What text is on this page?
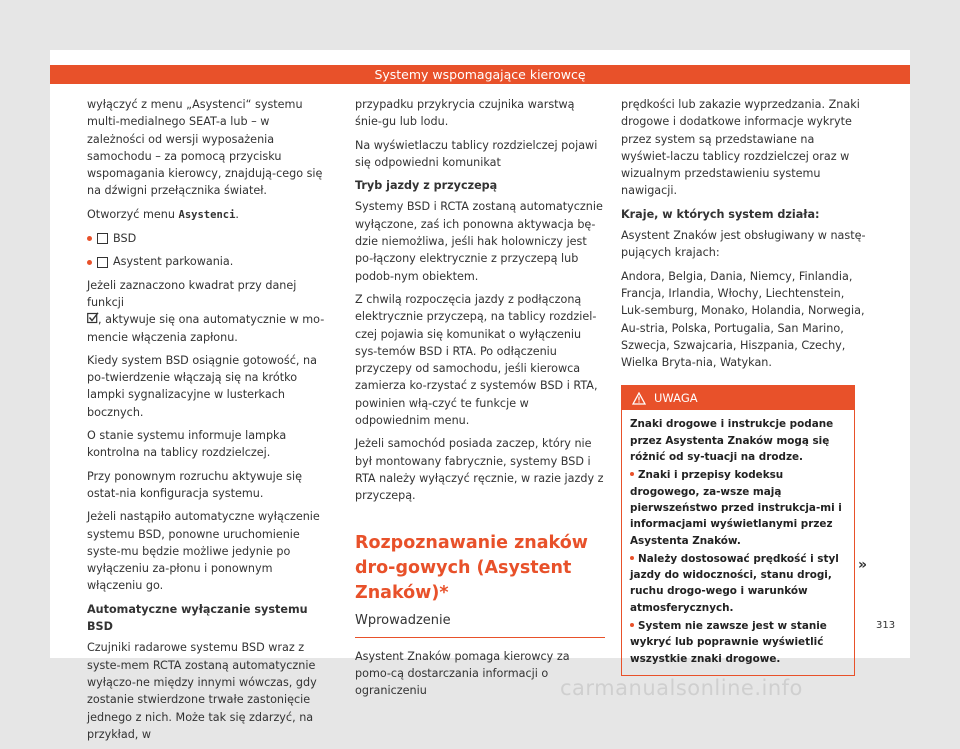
Systemy wspomagające kierowcę

wyłączyć z menu „Asystenci“ systemu multi-medialnego SEAT-a lub – w zależności od wersji wyposażenia samochodu – za pomocą przycisku wspomagania kierowcy, znajdują-cego się na dźwigni przełącznika świateł.

Otworzyć menu Asystenci.

BSD
Asystent parkowania.

Jeżeli zaznaczono kwadrat przy danej funkcji
, aktywuje się ona automatycznie w mo-mencie włączenia zapłonu.

Kiedy system BSD osiągnie gotowość, na po-twierdzenie włączają się na krótko lampki sygnalizacyjne w lusterkach bocznych.

O stanie systemu informuje lampka kontrolna na tablicy rozdzielczej.

Przy ponownym rozruchu aktywuje się ostat-nia konfiguracja systemu.

Jeżeli nastąpiło automatyczne wyłączenie systemu BSD, ponowne uruchomienie syste-mu będzie możliwe jedynie po wyłączeniu za-płonu i ponownym włączeniu go.

Automatyczne wyłączanie systemu BSD

Czujniki radarowe systemu BSD wraz z syste-mem RCTA zostaną automatycznie wyłączo-ne między innymi wówczas, gdy zostanie stwierdzone trwałe zastonięcie jednego z nich. Może tak się zdarzyć, na przykład, w

przypadku przykrycia czujnika warstwą śnie-gu lub lodu.

Na wyświetlaczu tablicy rozdzielczej pojawi się odpowiedni komunikat

Tryb jazdy z przyczepą

Systemy BSD i RCTA zostaną automatycznie wyłączone, zaś ich ponowna aktywacja bę-dzie niemożliwa, jeśli hak holowniczy jest po-łączony elektrycznie z przyczepą lub podob-nym obiektem.

Z chwilą rozpoczęcia jazdy z podłączoną elektrycznie przyczepą, na tablicy rozdziel-czej pojawia się komunikat o wyłączeniu sys-temów BSD i RTA. Po odłączeniu przyczepy od samochodu, jeśli kierowca zamierza ko-rzystać z systemów BSD i RTA, powinien włą-czyć te funkcje w odpowiednim menu.

Jeżeli samochód posiada zaczep, który nie był montowany fabrycznie, systemy BSD i RTA należy wyłączyć ręcznie, w razie jazdy z przyczepą.

Rozpoznawanie znaków dro-gowych (Asystent Znaków)*
Wprowadzenie

Asystent Znaków pomaga kierowcy za pomo-cą dostarczania informacji o ograniczeniu

prędkości lub zakazie wyprzedzania. Znaki drogowe i dodatkowe informacje wykryte przez system są przedstawiane na wyświet-laczu tablicy rozdzielczej oraz w wizualnym przedstawieniu systemu nawigacji.

Kraje, w których system działa:

Asystent Znaków jest obsługiwany w nastę-pujących krajach:

Andora, Belgia, Dania, Niemcy, Finlandia, Francja, Irlandia, Włochy, Liechtenstein, Luk-semburg, Monako, Holandia, Norwegia, Au-stria, Polska, Portugalia, San Marino, Szwecja, Szwajcaria, Hiszpania, Czechy, Wielka Bryta-nia, Watykan.

UWAGA

Znaki drogowe i instrukcje podane przez Asystenta Znaków mogą się różnić od sy-tuacji na drodze.

Znaki i przepisy kodeksu drogowego, za-wsze mają pierwszeństwo przed instrukcja-mi i informacjami wyświetlanymi przez Asystenta Znaków.

Należy dostosować prędkość i styl jazdy do widoczności, stanu drogi, ruchu drogo-wego i warunków atmosferycznych.

System nie zawsze jest w stanie wykryć lub poprawnie wyświetlić wszystkie znaki drogowe.

»
313
carmanualsonline.info
